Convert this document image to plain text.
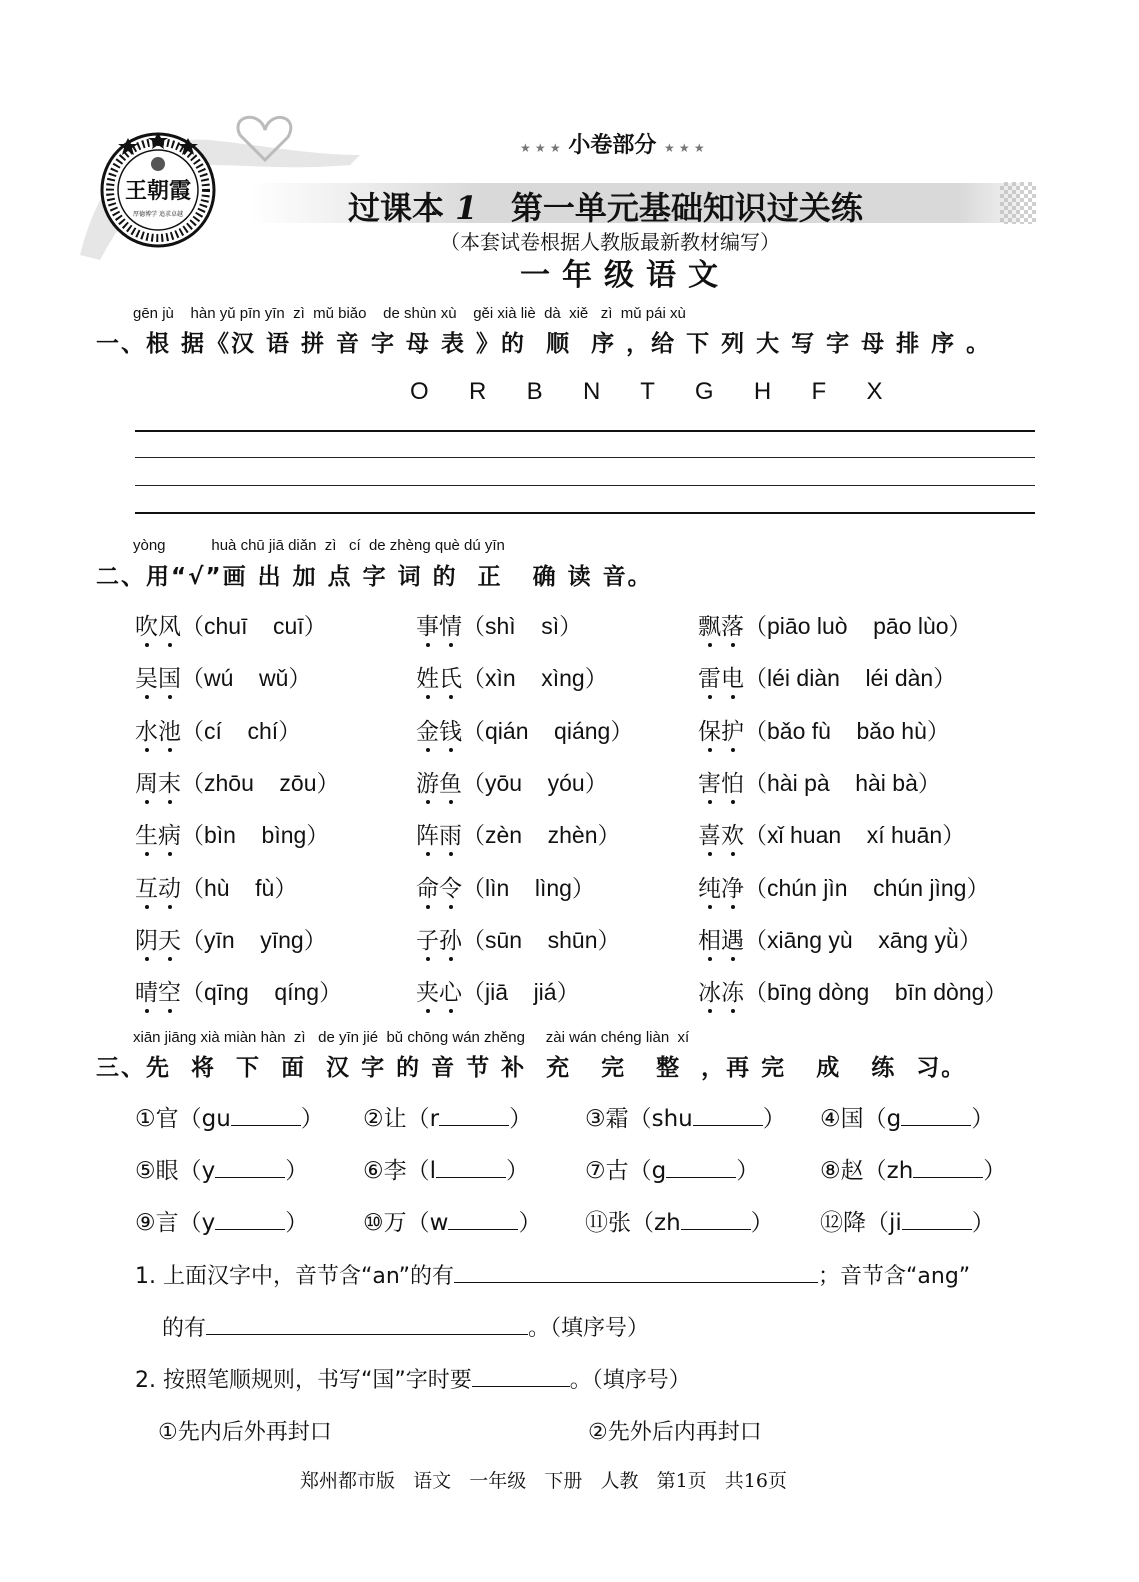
王朝霞
厚德博学 追求卓越
★ ★ ★ 小卷部分 ★ ★ ★
过课本 1 第一单元基础知识过关练
（本套试卷根据人教版最新教材编写）
一年级语文
gēn jù    hàn yǔ pīn yīn  zì  mǔ biǎo    de shùn xù    gěi xià liè  dà  xiě   zì  mǔ pái xù
一、根 据《汉 语 拼 音 字 母 表 》的  顺  序 ，给 下 列 大 写 字 母 排 序 。
O  R  B  N  T  G  H  F  X
yòng           huà chū jiā diǎn  zì   cí  de zhèng què dú yīn
二、用“√”画 出 加 点 字 词 的  正   确 读 音。
吹风（chuī    cuī）	事情（shì    sì）	飘落（piāo luò    pāo lùo）
吴国（wú    wǔ）	姓氏（xìn    xìng）	雷电（léi diàn    léi dàn）
水池（cí    chí）	金钱（qián    qiáng）	保护（bǎo fù    bǎo hù）
周末（zhōu    zōu）	游鱼（yōu    yóu）	害怕（hài pà    hài bà）
生病（bìn    bìng）	阵雨（zèn    zhèn）	喜欢（xǐ huan    xí huān）
互动（hù    fù）	命令（lìn    lìng）	纯净（chún jìn    chún jìng）
阴天（yīn    yīng）	子孙（sūn    shūn）	相遇（xiāng yù    xāng yǜ）
晴空（qīng    qíng）	夹心（jiā    jiá）	冰冻（bīng dòng    bīn dòng）
xiān jiāng xià miàn hàn  zì   de yīn jié  bǔ chōng wán zhěng     zài wán chéng liàn  xí
三、先  将  下  面  汉 字 的 音 节 补  充   完   整  ，再 完   成   练  习。
①官（gu	） ②让（r	） ③霜（shu	） ④国（g	）
⑤眼（y	） ⑥李（l	） ⑦古（g	）	⑧赵（zh	）
⑨言（y	） ⑩万（w	） ⑪张（zh	） ⑫降（ji	）
1. 上面汉字中，音节含“an”的有	；音节含“ang”
的有	。（填序号）
2. 按照笔顺规则，书写“国”字时要	。（填序号）
①先内后外再封口	②先外后内再封口
郑州都市版   语文   一年级   下册   人教   第1页   共16页
